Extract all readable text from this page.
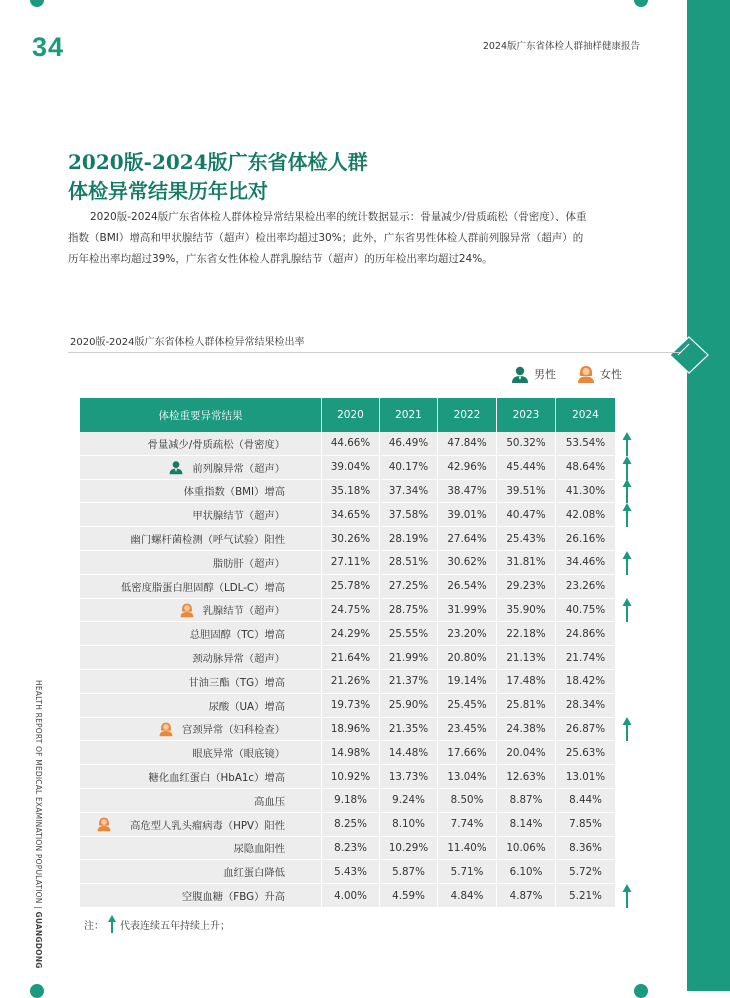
34	2024版广东省体检人群抽样健康报告
HEALTH REPORT OF MEDICAL EXAMINATION POPULATION | GUANGDONG
2020版-2024版广东省体检人群
体检异常结果历年比对

2020版-2024版广东省体检人群体检异常结果检出率的统计数据显示：骨量减少/骨质疏松（骨密度）、体重指数（BMI）增高和甲状腺结节（超声）检出率均超过30%；此外，广东省男性体检人群前列腺异常（超声）的历年检出率均超过39%，广东省女性体检人群乳腺结节（超声）的历年检出率均超过24%。

2020版-2024版广东省体检人群体检异常结果检出率
男性	女性
体检重要异常结果	2020	2021	2022	2023	2024
骨量减少/骨质疏松（骨密度）	44.66%	46.49%	47.84%	50.32%	53.54%

前列腺异常（超声）	39.04%	40.17%	42.96%	45.44%	48.64%
体重指数（BMI）增高	35.18%	37.34%	38.47%	39.51%	41.30%
甲状腺结节（超声）	34.65%	37.58%	39.01%	40.47%	42.08%
幽门螺杆菌检测（呼气试验）阳性	30.26%	28.19%	27.64%	25.43%	26.16%
脂肪肝（超声）	27.11%	28.51%	30.62%	31.81%	34.46%
低密度脂蛋白胆固醇（LDL-C）增高	25.78%	27.25%	26.54%	29.23%	23.26%

乳腺结节（超声）	24.75%	28.75%	31.99%	35.90%	40.75%
总胆固醇（TC）增高	24.29%	25.55%	23.20%	22.18%	24.86%
颈动脉异常（超声）	21.64%	21.99%	20.80%	21.13%	21.74%
甘油三酯（TG）增高	21.26%	21.37%	19.14%	17.48%	18.42%
尿酸（UA）增高	19.73%	25.90%	25.45%	25.81%	28.34%

宫颈异常（妇科检查）	18.96%	21.35%	23.45%	24.38%	26.87%
眼底异常（眼底镜）	14.98%	14.48%	17.66%	20.04%	25.63%
糖化血红蛋白（HbA1c）增高	10.92%	13.73%	13.04%	12.63%	13.01%
高血压	9.18%	9.24%	8.50%	8.87%	8.44%

高危型人乳头瘤病毒（HPV）阳性	8.25%	8.10%	7.74%	8.14%	7.85%
尿隐血阳性	8.23%	10.29%	11.40%	10.06%	8.36%
血红蛋白降低	5.43%	5.87%	5.71%	6.10%	5.72%
空腹血糖（FBG）升高	4.00%	4.59%	4.84%	4.87%	5.21%
注： 代表连续五年持续上升；
